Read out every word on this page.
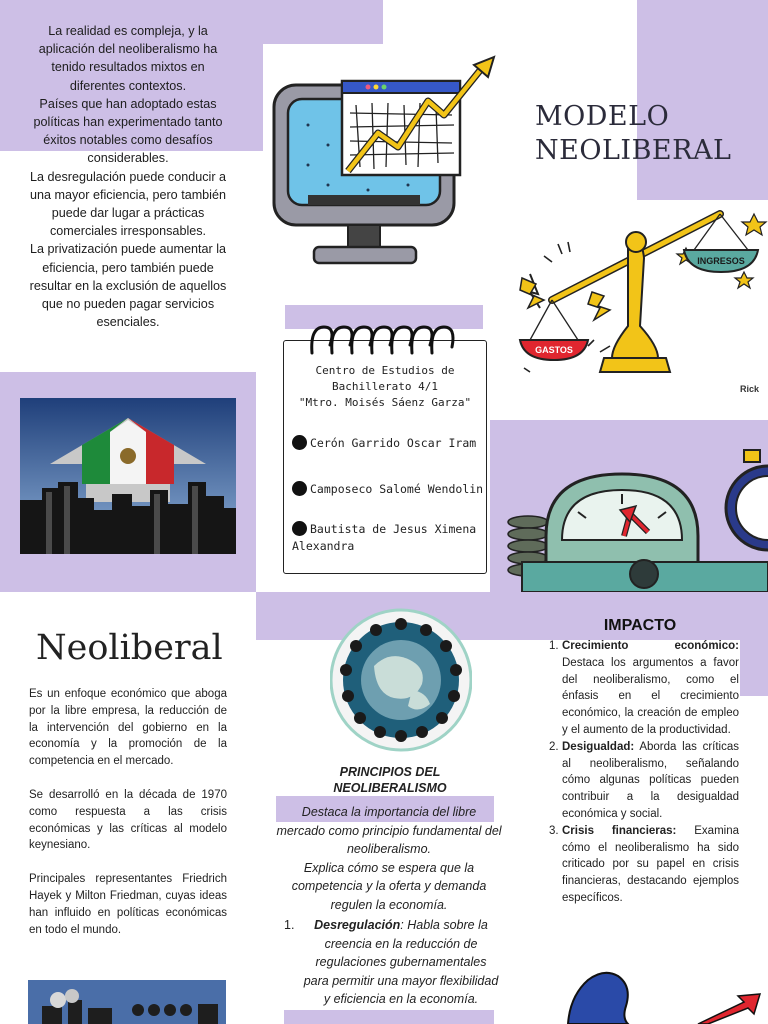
La realidad es compleja, y la aplicación del neoliberalismo ha tenido resultados mixtos en diferentes contextos.

Países que han adoptado estas políticas han experimentado tanto éxitos notables como desafíos considerables.

La desregulación puede conducir a una mayor eficiencia, pero también puede dar lugar a prácticas comerciales irresponsables.

La privatización puede aumentar la eficiencia, pero también puede resultar en la exclusión de aquellos que no pueden pagar servicios esenciales.

MODELO
NEOLIBERAL
GASTOS
INGRESOS
Rick
Centro de Estudios de
Bachillerato 4/1
"Mtro. Moisés Sáenz Garza"
Cerón Garrido Oscar Iram
Camposeco Salomé Wendolin
Bautista de Jesus Ximena Alexandra
Neoliberal

Es un enfoque económico que aboga por la libre empresa, la reducción de la intervención del gobierno en la economía y la promoción de la competencia en el mercado.

Se desarrolló en la década de 1970 como respuesta a las crisis económicas y las críticas al modelo keynesiano.

Principales representantes Friedrich Hayek y Milton Friedman, cuyas ideas han influido en políticas económicas en todo el mundo.

PRINCIPIOS DEL NEOLIBERALISMO

Destaca la importancia del libre mercado como principio fundamental del neoliberalismo.

Explica cómo se espera que la competencia y la oferta y demanda regulen la economía.

1. Desregulación: Habla sobre la creencia en la reducción de regulaciones gubernamentales para permitir una mayor flexibilidad y eficiencia en la economía.
IMPACTO
1. Crecimiento económico: Destaca los argumentos a favor del neoliberalismo, como el énfasis en el crecimiento económico, la creación de empleo y el aumento de la productividad.
2. Desigualdad: Aborda las críticas al neoliberalismo, señalando cómo algunas políticas pueden contribuir a la desigualdad económica y social.
3. Crisis financieras: Examina cómo el neoliberalismo ha sido criticado por su papel en crisis financieras, destacando ejemplos específicos.
